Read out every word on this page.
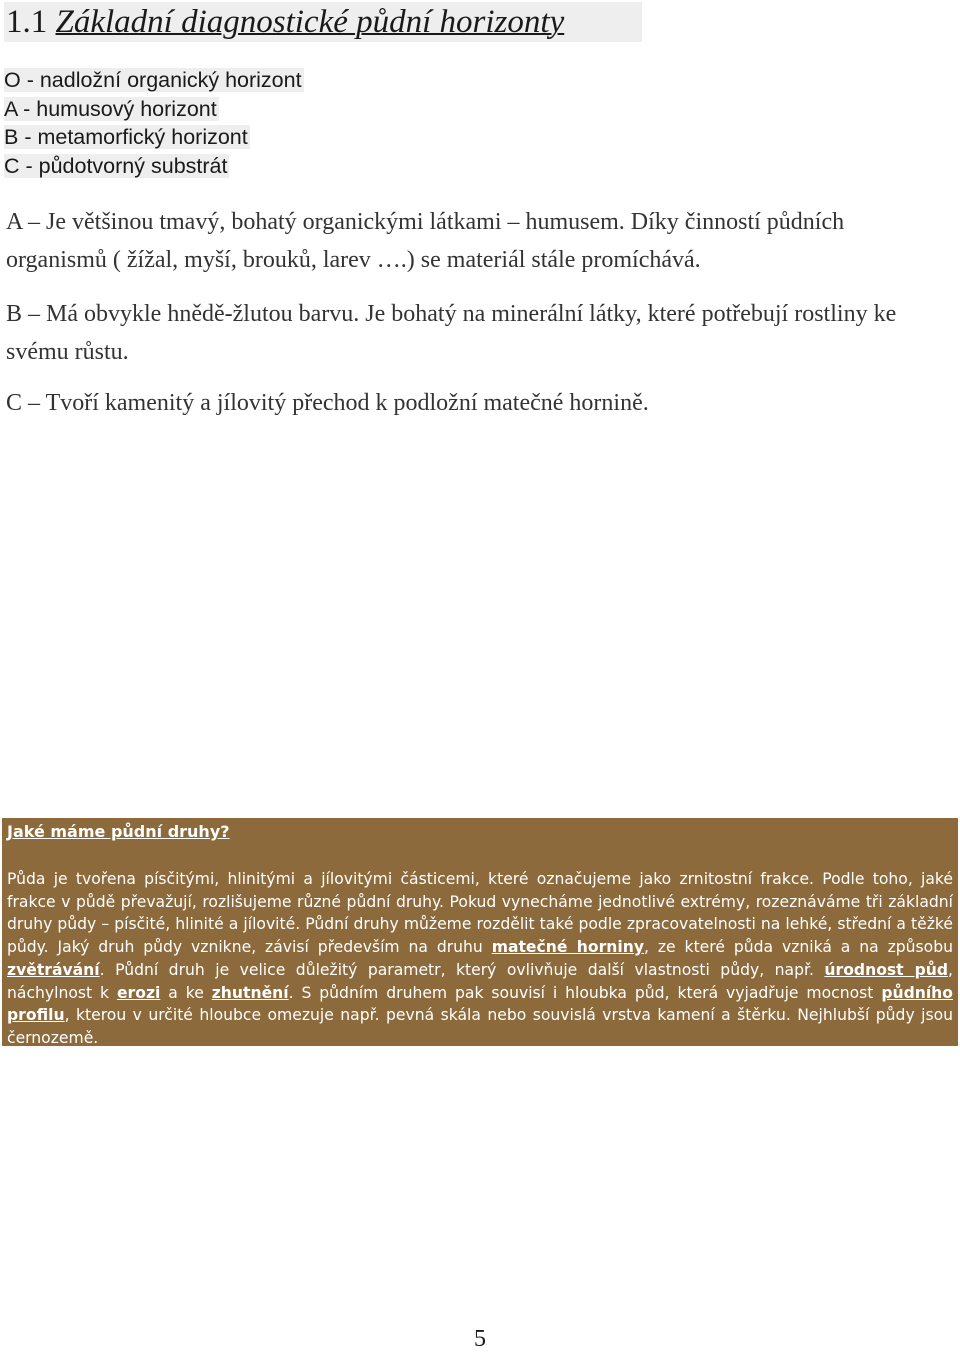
1.1 Základní diagnostické půdní horizonty
O - nadložní organický horizont
A - humusový horizont
B - metamorfický horizont
C - půdotvorný substrát
A – Je většinou tmavý, bohatý organickými látkami – humusem. Díky činností půdních organismů ( žížal, myší, brouků, larev ….) se materiál stále promíchává.
B – Má obvykle hnědě-žlutou barvu. Je bohatý na minerální látky, které potřebují rostliny ke svému růstu.
C – Tvoří kamenitý a jílovitý přechod k podložní matečné hornině.
Jaké máme půdní druhy?
Půda je tvořena písčitými, hlinitými a jílovitými částicemi, které označujeme jako zrnitostní frakce. Podle toho, jaké frakce v půdě převažují, rozlišujeme různé půdní druhy. Pokud vynecháme jednotlivé extrémy, rozeznáváme tři základní druhy půdy – písčité, hlinité a jílovité. Půdní druhy můžeme rozdělit také podle zpracovatelnosti na lehké, střední a těžké půdy. Jaký druh půdy vznikne, závisí především na druhu matečné horniny, ze které půda vzniká a na způsobu zvětrávání. Půdní druh je velice důležitý parametr, který ovlivňuje další vlastnosti půdy, např. úrodnost půd, náchylnost k erozi a ke zhutnění. S půdním druhem pak souvisí i hloubka půd, která vyjadřuje mocnost půdního profilu, kterou v určité hloubce omezuje např. pevná skála nebo souvislá vrstva kamení a štěrku. Nejhlubší půdy jsou černozemě.
5
